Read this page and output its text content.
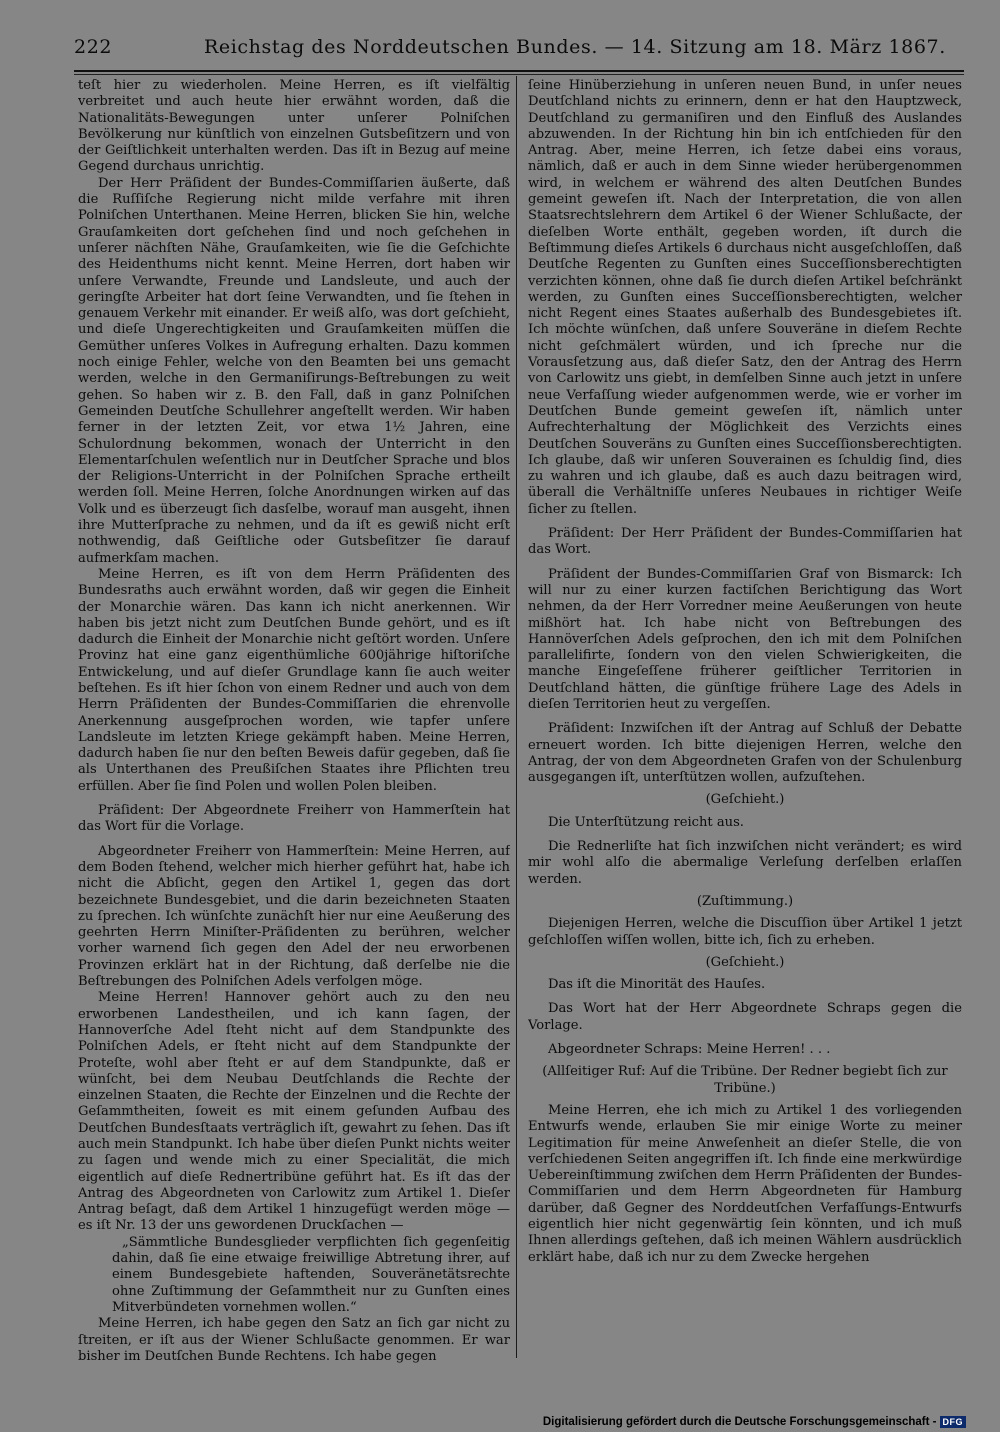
222	Reichstag des Norddeutschen Bundes. — 14. Sitzung am 18. März 1867.

teſt hier zu wiederholen. Meine Herren, es iſt vielfältig verbreitet und auch heute hier erwähnt worden, daß die Nationalitäts-Bewegungen unter unſerer Polniſchen Bevölkerung nur künſtlich von einzelnen Gutsbeſitzern und von der Geiſtlichkeit unterhalten werden. Das iſt in Bezug auf meine Gegend durchaus unrichtig.

Der Herr Präſident der Bundes-Commiſſarien äußerte, daß die Ruſſiſche Regierung nicht milde verfahre mit ihren Polniſchen Unterthanen. Meine Herren, blicken Sie hin, welche Grauſamkeiten dort geſchehen ſind und noch geſchehen in unſerer nächſten Nähe, Grauſamkeiten, wie ſie die Geſchichte des Heidenthums nicht kennt. Meine Herren, dort haben wir unſere Verwandte, Freunde und Landsleute, und auch der geringſte Arbeiter hat dort ſeine Verwandten, und ſie ſtehen in genauem Verkehr mit einander. Er weiß alſo, was dort geſchieht, und dieſe Ungerechtigkeiten und Grauſamkeiten müſſen die Gemüther unſeres Volkes in Aufregung erhalten. Dazu kommen noch einige Fehler, welche von den Beamten bei uns gemacht werden, welche in den Germaniſirungs-Beſtrebungen zu weit gehen. So haben wir z. B. den Fall, daß in ganz Polniſchen Gemeinden Deutſche Schullehrer angeſtellt werden. Wir haben ferner in der letzten Zeit, vor etwa 1½ Jahren, eine Schulordnung bekommen, wonach der Unterricht in den Elementarſchulen weſentlich nur in Deutſcher Sprache und blos der Religions-Unterricht in der Polniſchen Sprache ertheilt werden ſoll. Meine Herren, ſolche Anordnungen wirken auf das Volk und es überzeugt ſich dasſelbe, worauf man ausgeht, ihnen ihre Mutterſprache zu nehmen, und da iſt es gewiß nicht erſt nothwendig, daß Geiſtliche oder Gutsbeſitzer ſie darauf aufmerkſam machen.

Meine Herren, es iſt von dem Herrn Präſidenten des Bundesraths auch erwähnt worden, daß wir gegen die Einheit der Monarchie wären. Das kann ich nicht anerkennen. Wir haben bis jetzt nicht zum Deutſchen Bunde gehört, und es iſt dadurch die Einheit der Monarchie nicht geſtört worden. Unſere Provinz hat eine ganz eigenthümliche 600jährige hiſtoriſche Entwickelung, und auf dieſer Grundlage kann ſie auch weiter beſtehen. Es iſt hier ſchon von einem Redner und auch von dem Herrn Präſidenten der Bundes-Commiſſarien die ehrenvolle Anerkennung ausgeſprochen worden, wie tapfer unſere Landsleute im letzten Kriege gekämpft haben. Meine Herren, dadurch haben ſie nur den beſten Beweis dafür gegeben, daß ſie als Unterthanen des Preußiſchen Staates ihre Pflichten treu erfüllen. Aber ſie ſind Polen und wollen Polen bleiben.

Präſident: Der Abgeordnete Freiherr von Hammerſtein hat das Wort für die Vorlage.

Abgeordneter Freiherr von Hammerſtein: Meine Herren, auf dem Boden ſtehend, welcher mich hierher geführt hat, habe ich nicht die Abſicht, gegen den Artikel 1, gegen das dort bezeichnete Bundesgebiet, und die darin bezeichneten Staaten zu ſprechen. Ich wünſchte zunächſt hier nur eine Aeußerung des geehrten Herrn Miniſter-Präſidenten zu berühren, welcher vorher warnend ſich gegen den Adel der neu erworbenen Provinzen erklärt hat in der Richtung, daß derſelbe nie die Beſtrebungen des Polniſchen Adels verfolgen möge.

Meine Herren! Hannover gehört auch zu den neu erworbenen Landestheilen, und ich kann ſagen, der Hannoverſche Adel ſteht nicht auf dem Standpunkte des Polniſchen Adels, er ſteht nicht auf dem Standpunkte der Proteſte, wohl aber ſteht er auf dem Standpunkte, daß er wünſcht, bei dem Neubau Deutſchlands die Rechte der einzelnen Staaten, die Rechte der Einzelnen und die Rechte der Geſammtheiten, ſoweit es mit einem geſunden Aufbau des Deutſchen Bundesſtaats verträglich iſt, gewahrt zu ſehen. Das iſt auch mein Standpunkt. Ich habe über dieſen Punkt nichts weiter zu ſagen und wende mich zu einer Specialität, die mich eigentlich auf dieſe Rednertribüne geführt hat. Es iſt das der Antrag des Abgeordneten von Carlowitz zum Artikel 1. Dieſer Antrag beſagt, daß dem Artikel 1 hinzugefügt werden möge — es iſt Nr. 13 der uns gewordenen Druckſachen —

„Sämmtliche Bundesglieder verpflichten ſich gegenſeitig dahin, daß ſie eine etwaige freiwillige Abtretung ihrer, auf einem Bundesgebiete haftenden, Souveränetätsrechte ohne Zuſtimmung der Geſammtheit nur zu Gunſten eines Mitverbündeten vornehmen wollen.“

Meine Herren, ich habe gegen den Satz an ſich gar nicht zu ſtreiten, er iſt aus der Wiener Schlußacte genommen. Er war bisher im Deutſchen Bunde Rechtens. Ich habe gegen

ſeine Hinüberziehung in unſeren neuen Bund, in unſer neues Deutſchland nichts zu erinnern, denn er hat den Hauptzweck, Deutſchland zu germaniſiren und den Einfluß des Auslandes abzuwenden. In der Richtung hin bin ich entſchieden für den Antrag. Aber, meine Herren, ich ſetze dabei eins voraus, nämlich, daß er auch in dem Sinne wieder herübergenommen wird, in welchem er während des alten Deutſchen Bundes gemeint geweſen iſt. Nach der Interpretation, die von allen Staatsrechtslehrern dem Artikel 6 der Wiener Schlußacte, der dieſelben Worte enthält, gegeben worden, iſt durch die Beſtimmung dieſes Artikels 6 durchaus nicht ausgeſchloſſen, daß Deutſche Regenten zu Gunſten eines Succeſſionsberechtigten verzichten können, ohne daß ſie durch dieſen Artikel beſchränkt werden, zu Gunſten eines Succeſſionsberechtigten, welcher nicht Regent eines Staates außerhalb des Bundesgebietes iſt. Ich möchte wünſchen, daß unſere Souveräne in dieſem Rechte nicht geſchmälert würden, und ich ſpreche nur die Vorausſetzung aus, daß dieſer Satz, den der Antrag des Herrn von Carlowitz uns giebt, in demſelben Sinne auch jetzt in unſere neue Verfaſſung wieder aufgenommen werde, wie er vorher im Deutſchen Bunde gemeint geweſen iſt, nämlich unter Aufrechterhaltung der Möglichkeit des Verzichts eines Deutſchen Souveräns zu Gunſten eines Succeſſionsberechtigten. Ich glaube, daß wir unſeren Souverainen es ſchuldig ſind, dies zu wahren und ich glaube, daß es auch dazu beitragen wird, überall die Verhältniſſe unſeres Neubaues in richtiger Weiſe ſicher zu ſtellen.

Präſident: Der Herr Präſident der Bundes-Commiſſarien hat das Wort.

Präſident der Bundes-Commiſſarien Graf von Bismarck: Ich will nur zu einer kurzen factiſchen Berichtigung das Wort nehmen, da der Herr Vorredner meine Aeußerungen von heute mißhört hat. Ich habe nicht von Beſtrebungen des Hannöverſchen Adels geſprochen, den ich mit dem Polniſchen parallelifirte, ſondern von den vielen Schwierigkeiten, die manche Eingeſeſſene früherer geiſtlicher Territorien in Deutſchland hätten, die günſtige frühere Lage des Adels in dieſen Territorien heut zu vergeſſen.

Präſident: Inzwiſchen iſt der Antrag auf Schluß der Debatte erneuert worden. Ich bitte diejenigen Herren, welche den Antrag, der von dem Abgeordneten Grafen von der Schulenburg ausgegangen iſt, unterſtützen wollen, aufzuſtehen.

(Geſchieht.)

Die Unterſtützung reicht aus.

Die Rednerliſte hat ſich inzwiſchen nicht verändert; es wird mir wohl alſo die abermalige Verleſung derſelben erlaſſen werden.

(Zuſtimmung.)

Diejenigen Herren, welche die Discuſſion über Artikel 1 jetzt geſchloſſen wiſſen wollen, bitte ich, ſich zu erheben.

(Geſchieht.)

Das iſt die Minorität des Hauſes.

Das Wort hat der Herr Abgeordnete Schraps gegen die Vorlage.

Abgeordneter Schraps: Meine Herren! . . .

(Allſeitiger Ruf: Auf die Tribüne. Der Redner begiebt ſich zur Tribüne.)

Meine Herren, ehe ich mich zu Artikel 1 des vorliegenden Entwurfs wende, erlauben Sie mir einige Worte zu meiner Legitimation für meine Anweſenheit an dieſer Stelle, die von verſchiedenen Seiten angegriffen iſt. Ich finde eine merkwürdige Uebereinſtimmung zwiſchen dem Herrn Präſidenten der Bundes-Commiſſarien und dem Herrn Abgeordneten für Hamburg darüber, daß Gegner des Norddeutſchen Verfaſſungs-Entwurfs eigentlich hier nicht gegenwärtig ſein könnten, und ich muß Ihnen allerdings geſtehen, daß ich meinen Wählern ausdrücklich erklärt habe, daß ich nur zu dem Zwecke hergehen

Digitalisierung gefördert durch die Deutsche Forschungsgemeinschaft - DFG
